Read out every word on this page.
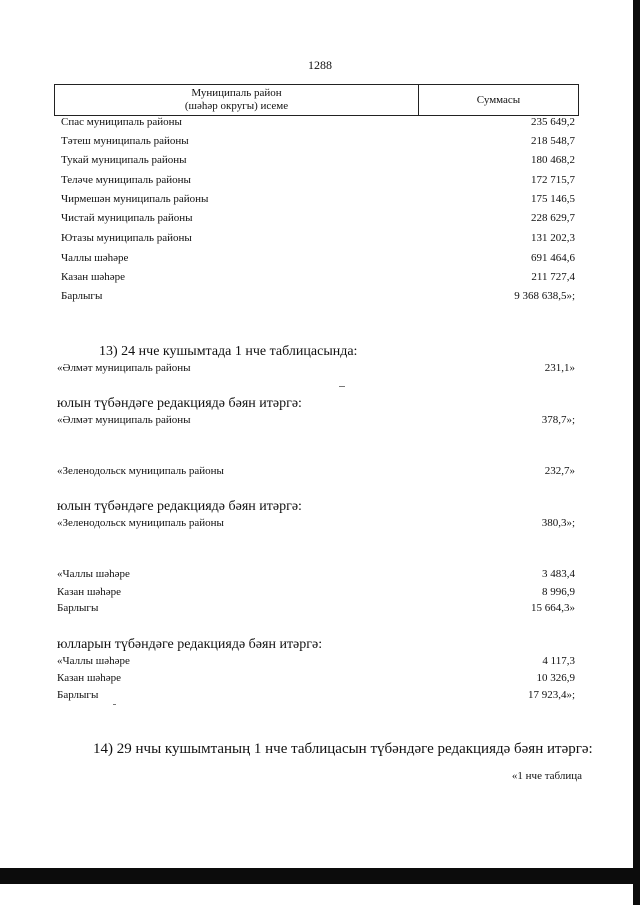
1288
Муниципаль район
(шәһәр округы) исеме	Суммасы
Спас муниципаль районы	235 649,2
Тәтеш муниципаль районы	218 548,7
Тукай муниципаль районы	180 468,2
Теләче муниципаль районы	172 715,7
Чирмешән муниципаль районы	175 146,5
Чистай муниципаль районы	228 629,7
Ютазы муниципаль районы	131 202,3
Чаллы шәһәре	691 464,6
Казан шәһәре	211 727,4
Барлыгы	9 368 638,5»;
13) 24 нче кушымтада 1 нче таблицасында:
«Әлмәт муниципаль районы	231,1»
юлын түбәндәге редакциядә бәян итәргә:
«Әлмәт муниципаль районы	378,7»;
«Зеленодольск муниципаль районы	232,7»
юлын түбәндәге редакциядә бәян итәргә:
«Зеленодольск муниципаль районы	380,3»;
«Чаллы шәһәре	3 483,4
Казан шәһәре	8 996,9
Барлыгы	15 664,3»
юлларын түбәндәге редакциядә бәян итәргә:
«Чаллы шәһәре	4 117,3
Казан шәһәре	10 326,9
Барлыгы	17 923,4»;
14) 29 нчы кушымтаның 1 нче таблицасын түбәндәге редакциядә бәян итәргә:
«1 нче таблица
